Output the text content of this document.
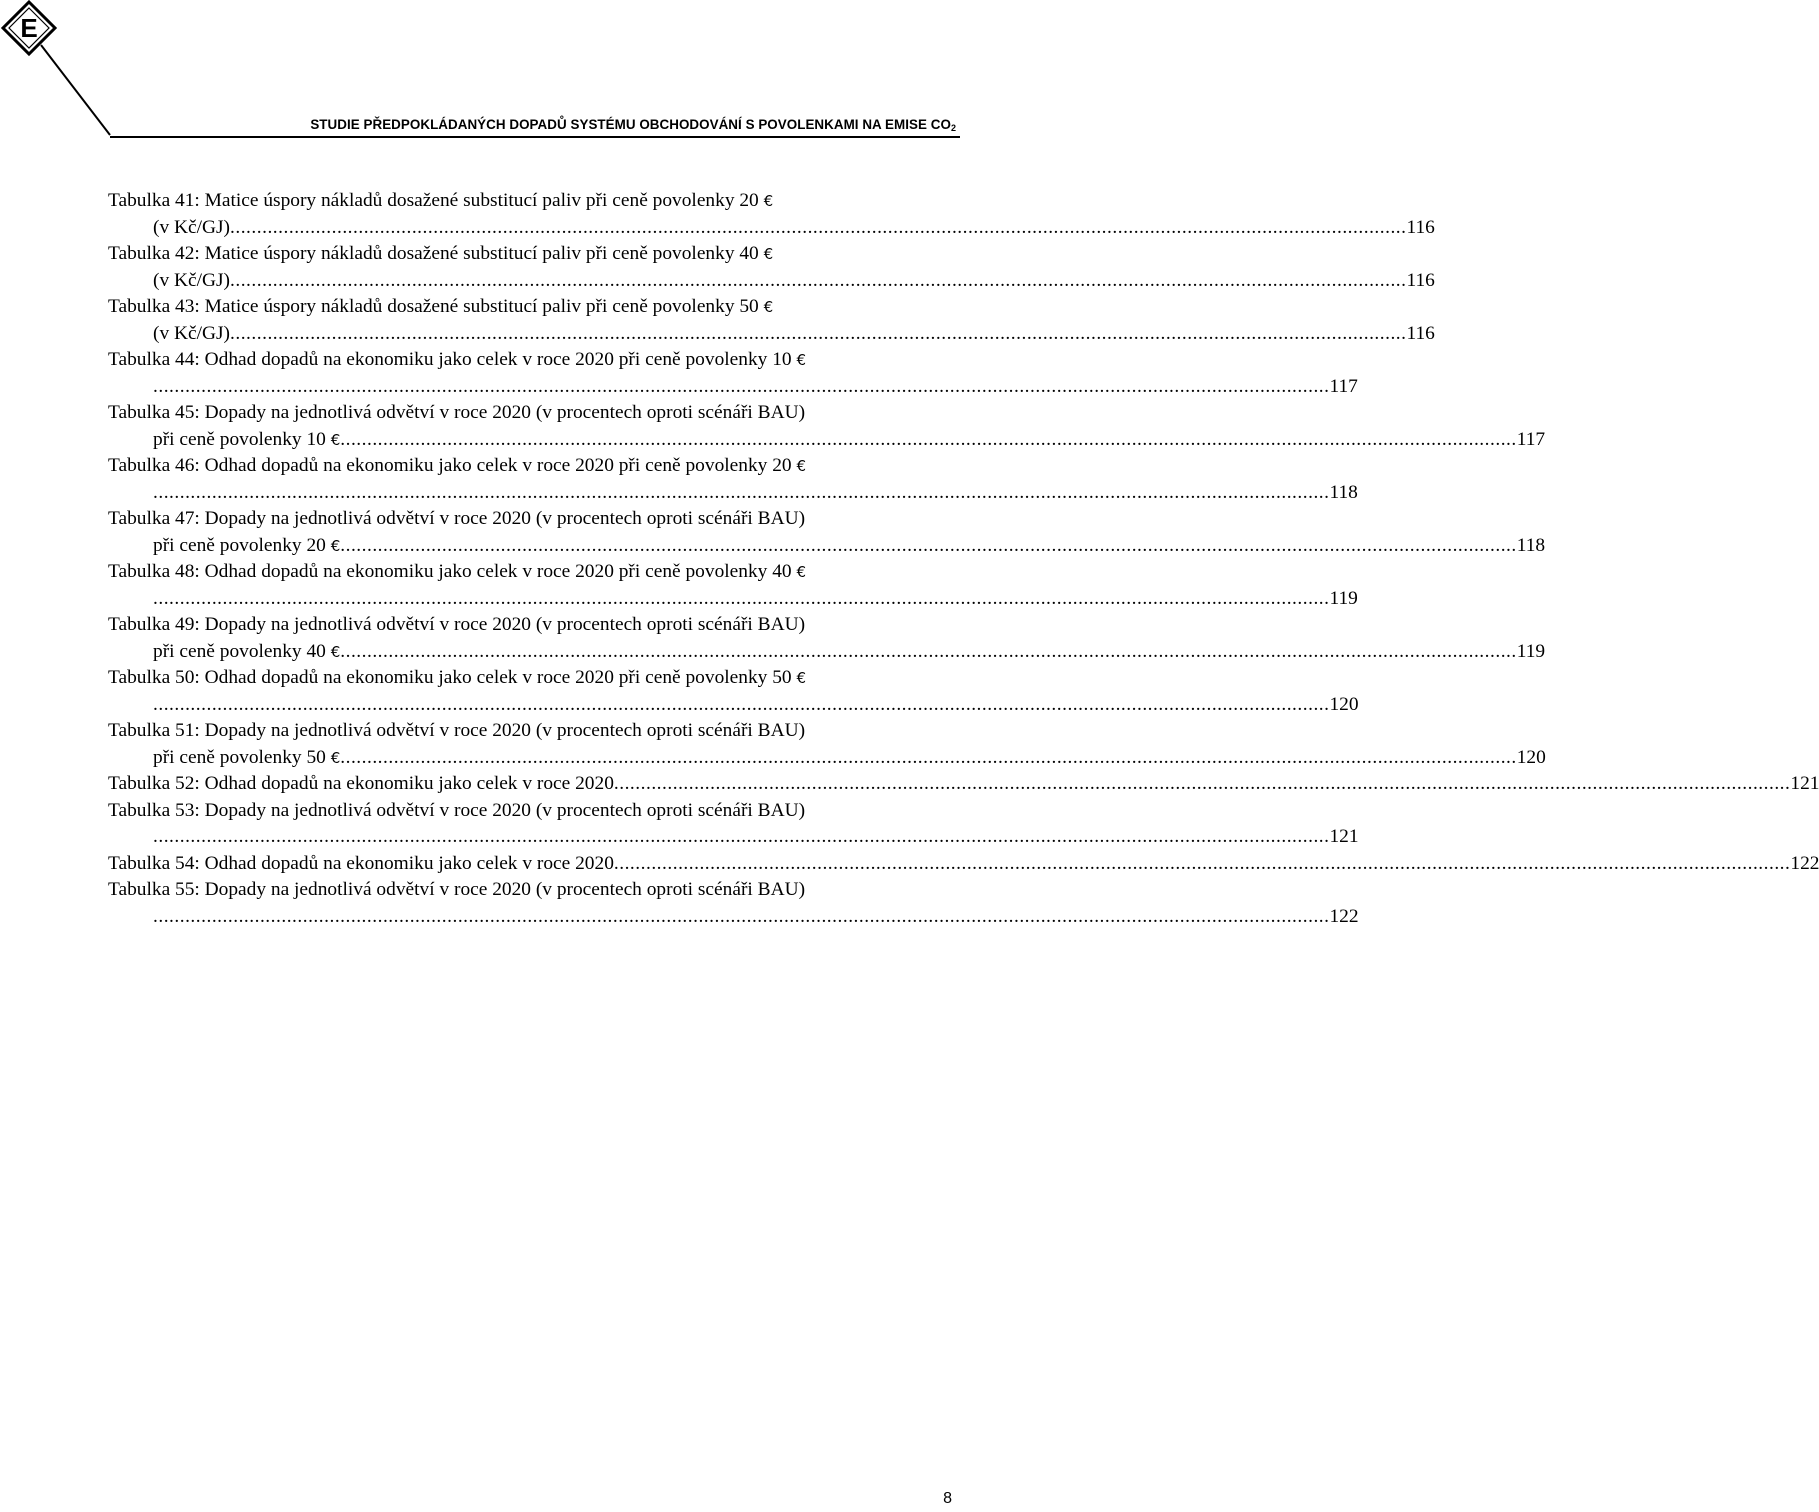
E
STUDIE PŘEDPOKLÁDANÝCH DOPADŮ SYSTÉMU OBCHODOVÁNÍ S POVOLENKAMI NA EMISE $CO_2$
Tabulka 41: Matice úspory nákladů dosažené substitucí paliv při ceně povolenky 20 €
(v Kč/GJ) ............................................................................................................................................................................................................................ 116
Tabulka 42: Matice úspory nákladů dosažené substitucí paliv při ceně povolenky 40 €
(v Kč/GJ) ............................................................................................................................................................................................................................ 116
Tabulka 43: Matice úspory nákladů dosažené substitucí paliv při ceně povolenky 50 €
(v Kč/GJ) ............................................................................................................................................................................................................................ 116
Tabulka 44: Odhad dopadů na ekonomiku jako celek v roce 2020 při ceně povolenky 10 €
............................................................................................................................................................................................................................ 117
Tabulka 45: Dopady na jednotlivá odvětví v roce 2020 (v procentech oproti scénáři BAU)
při ceně povolenky 10 € ............................................................................................................................................................................................................................ 117
Tabulka 46: Odhad dopadů na ekonomiku jako celek v roce 2020 při ceně povolenky 20 €
............................................................................................................................................................................................................................ 118
Tabulka 47: Dopady na jednotlivá odvětví v roce 2020 (v procentech oproti scénáři BAU)
při ceně povolenky 20 € ............................................................................................................................................................................................................................ 118
Tabulka 48: Odhad dopadů na ekonomiku jako celek v roce 2020 při ceně povolenky 40 €
............................................................................................................................................................................................................................ 119
Tabulka 49: Dopady na jednotlivá odvětví v roce 2020 (v procentech oproti scénáři BAU)
při ceně povolenky 40 € ............................................................................................................................................................................................................................ 119
Tabulka 50: Odhad dopadů na ekonomiku jako celek v roce 2020 při ceně povolenky 50 €
............................................................................................................................................................................................................................ 120
Tabulka 51: Dopady na jednotlivá odvětví v roce 2020 (v procentech oproti scénáři BAU)
při ceně povolenky 50 € ............................................................................................................................................................................................................................ 120
Tabulka 52: Odhad dopadů na ekonomiku jako celek v roce 2020 ............................................................................................................................................................................................................................ 121
Tabulka 53: Dopady na jednotlivá odvětví v roce 2020 (v procentech oproti scénáři BAU)
............................................................................................................................................................................................................................ 121
Tabulka 54: Odhad dopadů na ekonomiku jako celek v roce 2020 ............................................................................................................................................................................................................................ 122
Tabulka 55: Dopady na jednotlivá odvětví v roce 2020 (v procentech oproti scénáři BAU)
............................................................................................................................................................................................................................ 122
8
